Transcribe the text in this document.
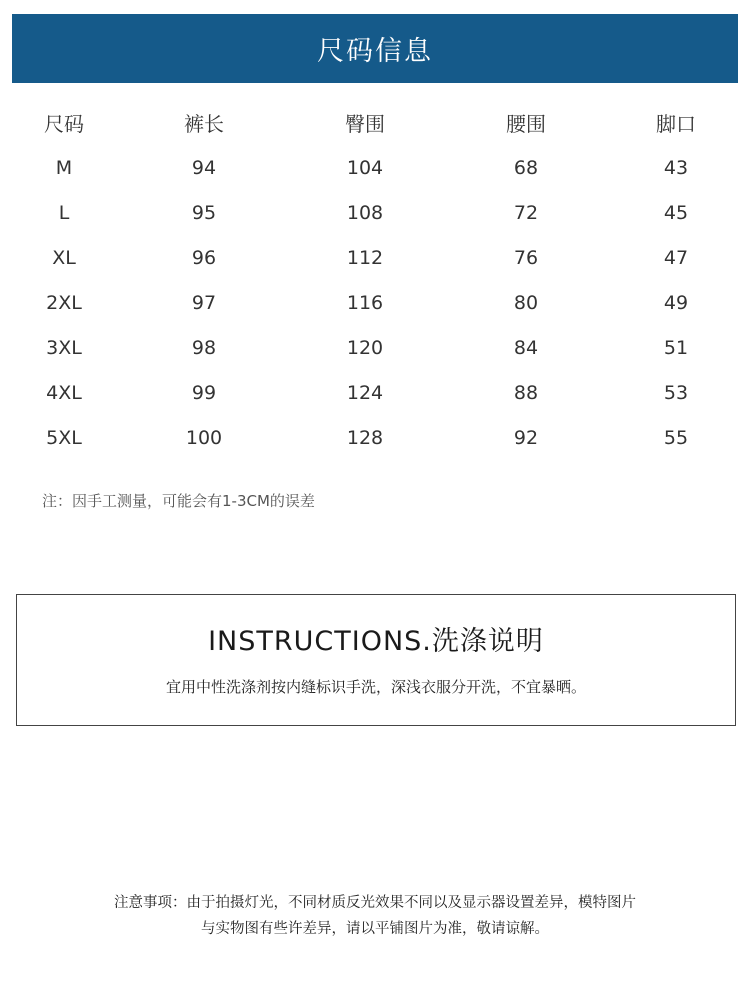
尺码信息
尺码	裤长	臀围	腰围	脚口
M	94	104	68	43
L	95	108	72	45
XL	96	112	76	47
2XL	97	116	80	49
3XL	98	120	84	51
4XL	99	124	88	53
5XL	100	128	92	55
注：因手工测量，可能会有1-3CM的误差
INSTRUCTIONS.洗涤说明
宜用中性洗涤剂按内缝标识手洗，深浅衣服分开洗，不宜暴晒。
注意事项：由于拍摄灯光，不同材质反光效果不同以及显示器设置差异，模特图片
与实物图有些许差异，请以平铺图片为准，敬请谅解。
